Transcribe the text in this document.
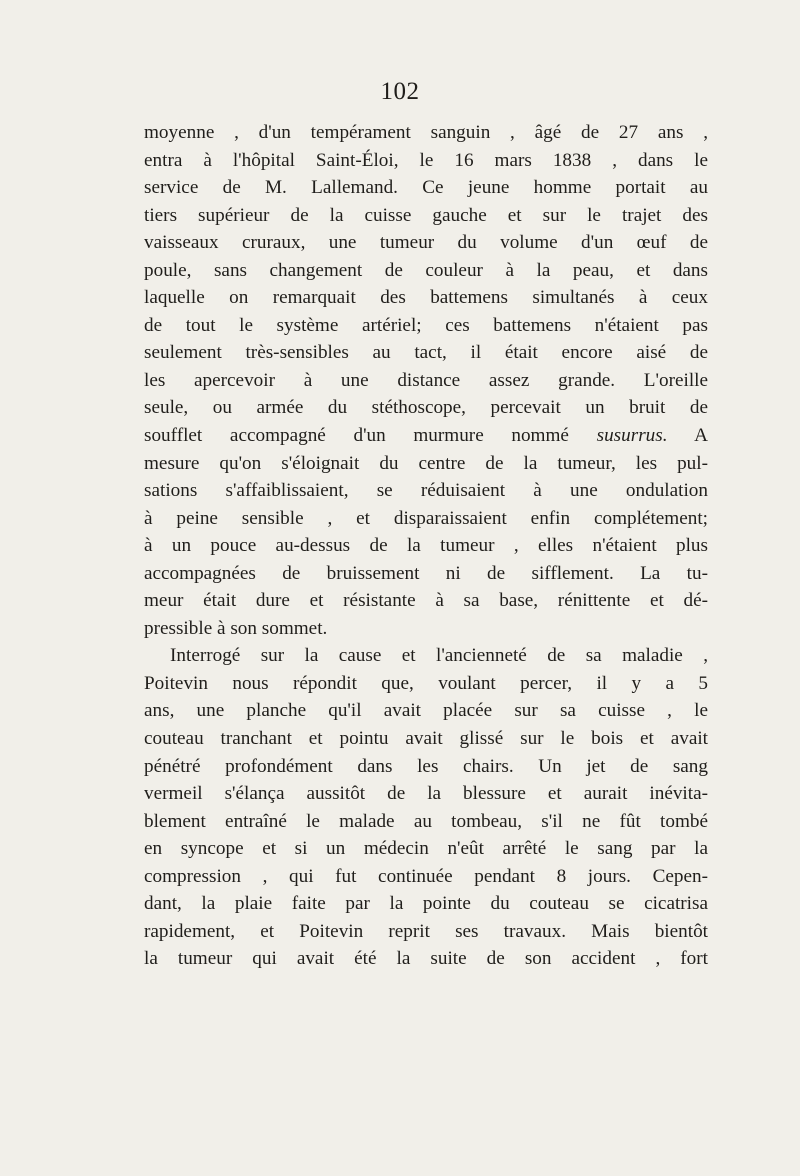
102
moyenne , d'un tempérament sanguin , âgé de 27 ans ,
entra à l'hôpital Saint-Éloi, le 16 mars 1838 , dans le
service de M. Lallemand. Ce jeune homme portait au
tiers supérieur de la cuisse gauche et sur le trajet des
vaisseaux cruraux, une tumeur du volume d'un œuf de
poule, sans changement de couleur à la peau, et dans
laquelle on remarquait des battemens simultanés à ceux
de tout le système artériel; ces battemens n'étaient pas
seulement très-sensibles au tact, il était encore aisé de
les apercevoir à une distance assez grande. L'oreille
seule, ou armée du stéthoscope, percevait un bruit de
soufflet accompagné d'un murmure nommé susurrus. A
mesure qu'on s'éloignait du centre de la tumeur, les pul-
sations s'affaiblissaient, se réduisaient à une ondulation
à peine sensible , et disparaissaient enfin complétement;
à un pouce au-dessus de la tumeur , elles n'étaient plus
accompagnées de bruissement ni de sifflement. La tu-
meur était dure et résistante à sa base, rénittente et dé-
pressible à son sommet.
Interrogé sur la cause et l'ancienneté de sa maladie ,
Poitevin nous répondit que, voulant percer, il y a 5
ans, une planche qu'il avait placée sur sa cuisse , le
couteau tranchant et pointu avait glissé sur le bois et avait
pénétré profondément dans les chairs. Un jet de sang
vermeil s'élança aussitôt de la blessure et aurait inévita-
blement entraîné le malade au tombeau, s'il ne fût tombé
en syncope et si un médecin n'eût arrêté le sang par la
compression , qui fut continuée pendant 8 jours. Cepen-
dant, la plaie faite par la pointe du couteau se cicatrisa
rapidement, et Poitevin reprit ses travaux. Mais bientôt
la tumeur qui avait été la suite de son accident , fort
